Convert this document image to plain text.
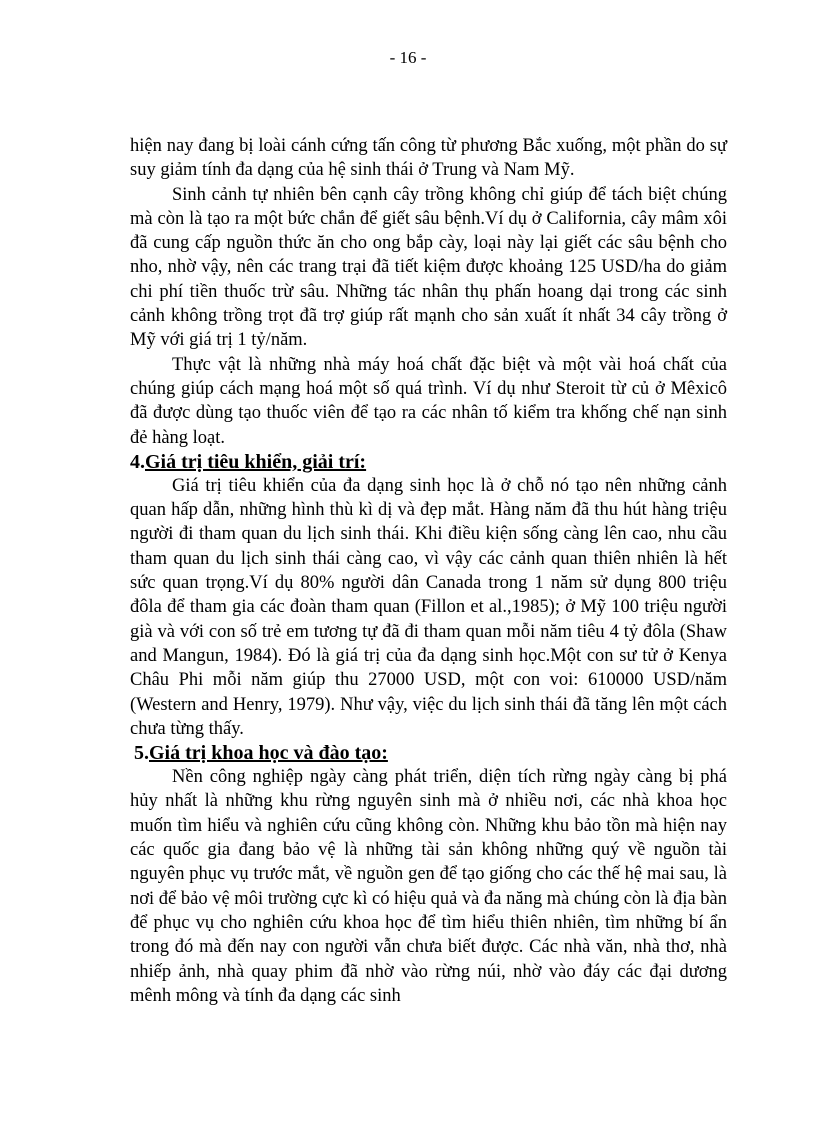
- 16 -

hiện nay đang bị loài cánh cứng tấn công từ phương Bắc xuống, một phần do sự suy giảm tính đa dạng của hệ sinh thái ở Trung và Nam Mỹ.

Sinh cảnh tự nhiên bên cạnh cây trồng không chỉ giúp để tách biệt chúng mà còn là tạo ra một bức chắn để giết sâu bệnh.Ví dụ ở California, cây mâm xôi đã cung cấp nguồn thức ăn cho ong bắp cày, loại này lại giết các sâu bệnh cho nho, nhờ vậy, nên các trang trại đã tiết kiệm được khoảng 125 USD/ha do giảm chi phí tiền thuốc trừ sâu. Những tác nhân thụ phấn hoang dại trong các sinh cảnh không trồng trọt đã trợ giúp rất mạnh cho sản xuất ít nhất 34 cây trồng ở Mỹ với giá trị 1 tỷ/năm.

Thực vật là những nhà máy hoá chất đặc biệt và một vài hoá chất của chúng giúp cách mạng hoá một số quá trình. Ví dụ như Steroit từ củ ở Mêxicô đã được dùng tạo thuốc viên để tạo ra các nhân tố kiểm tra khống chế nạn sinh đẻ hàng loạt.

4.Giá trị tiêu khiển, giải trí:

Giá trị tiêu khiển của đa dạng sinh học là ở chỗ nó tạo nên những cảnh quan hấp dẫn, những hình thù kì dị và đẹp mắt. Hàng năm đã thu hút hàng triệu người đi tham quan du lịch sinh thái. Khi điều kiện sống càng lên cao, nhu cầu tham quan du lịch sinh thái càng cao, vì vậy các cảnh quan thiên nhiên là hết sức quan trọng.Ví dụ 80% người dân Canada trong 1 năm sử dụng 800 triệu đôla để tham gia các đoàn tham quan (Fillon et al.,1985); ở Mỹ 100 triệu người già và với con số trẻ em tương tự đã đi tham quan mỗi năm tiêu 4 tỷ đôla (Shaw and Mangun, 1984). Đó là giá trị của đa dạng sinh học.Một con sư tử ở Kenya Châu Phi mỗi năm giúp thu 27000 USD, một con voi: 610000 USD/năm (Western and Henry, 1979). Như vậy, việc du lịch sinh thái đã tăng lên một cách chưa từng thấy.

5.Giá trị khoa học và đào tạo:

Nền công nghiệp ngày càng phát triển, diện tích rừng ngày càng bị phá hủy nhất là những khu rừng nguyên sinh mà ở nhiều nơi, các nhà khoa học muốn tìm hiểu và nghiên cứu cũng không còn. Những khu bảo tồn mà hiện nay các quốc gia đang bảo vệ là những tài sản không những quý về nguồn tài nguyên phục vụ trước mắt, về nguồn gen để tạo giống cho các thế hệ mai sau, là nơi để bảo vệ môi trường cực kì có hiệu quả và đa năng mà chúng còn là địa bàn để phục vụ cho nghiên cứu khoa học để tìm hiểu thiên nhiên, tìm những bí ẩn trong đó mà đến nay con người vẫn chưa biết được. Các nhà văn, nhà thơ, nhà nhiếp ảnh, nhà quay phim đã nhờ vào rừng núi, nhờ vào đáy các đại dương mênh mông và tính đa dạng các sinh
